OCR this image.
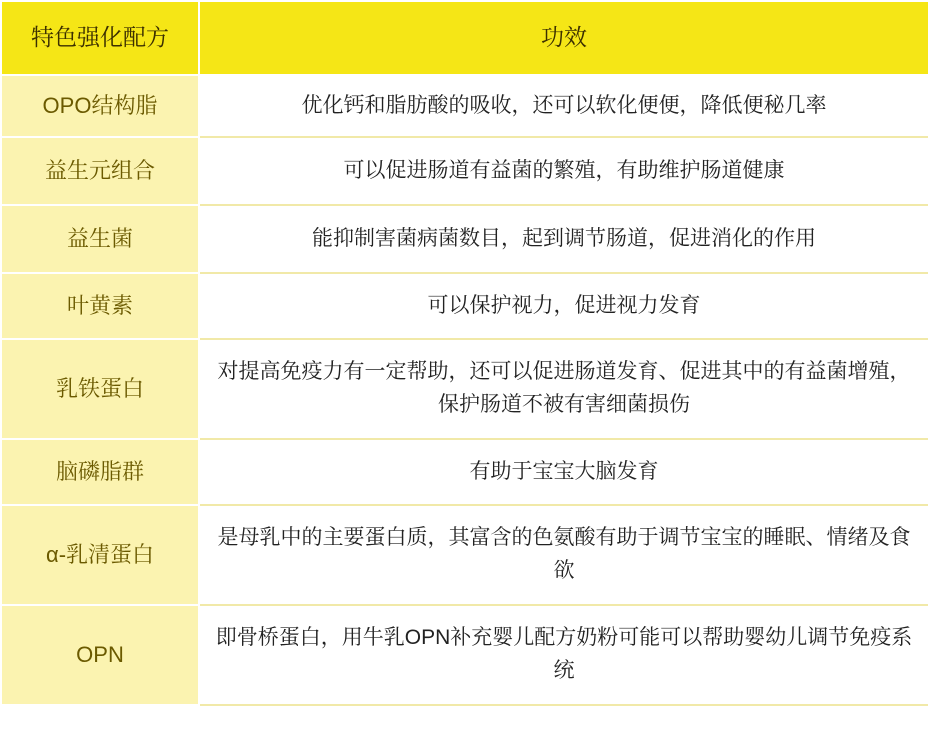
特色强化配方	功效
OPO结构脂	优化钙和脂肪酸的吸收，还可以软化便便，降低便秘几率
益生元组合	可以促进肠道有益菌的繁殖，有助维护肠道健康
益生菌	能抑制害菌病菌数目，起到调节肠道，促进消化的作用
叶黄素	可以保护视力，促进视力发育
乳铁蛋白	对提高免疫力有一定帮助，还可以促进肠道发育、促进其中的有益菌增殖，保护肠道不被有害细菌损伤
脑磷脂群	有助于宝宝大脑发育
α-乳清蛋白	是母乳中的主要蛋白质，其富含的色氨酸有助于调节宝宝的睡眠、情绪及食欲
OPN	即骨桥蛋白，用牛乳OPN补充婴儿配方奶粉可能可以帮助婴幼儿调节免疫系统
